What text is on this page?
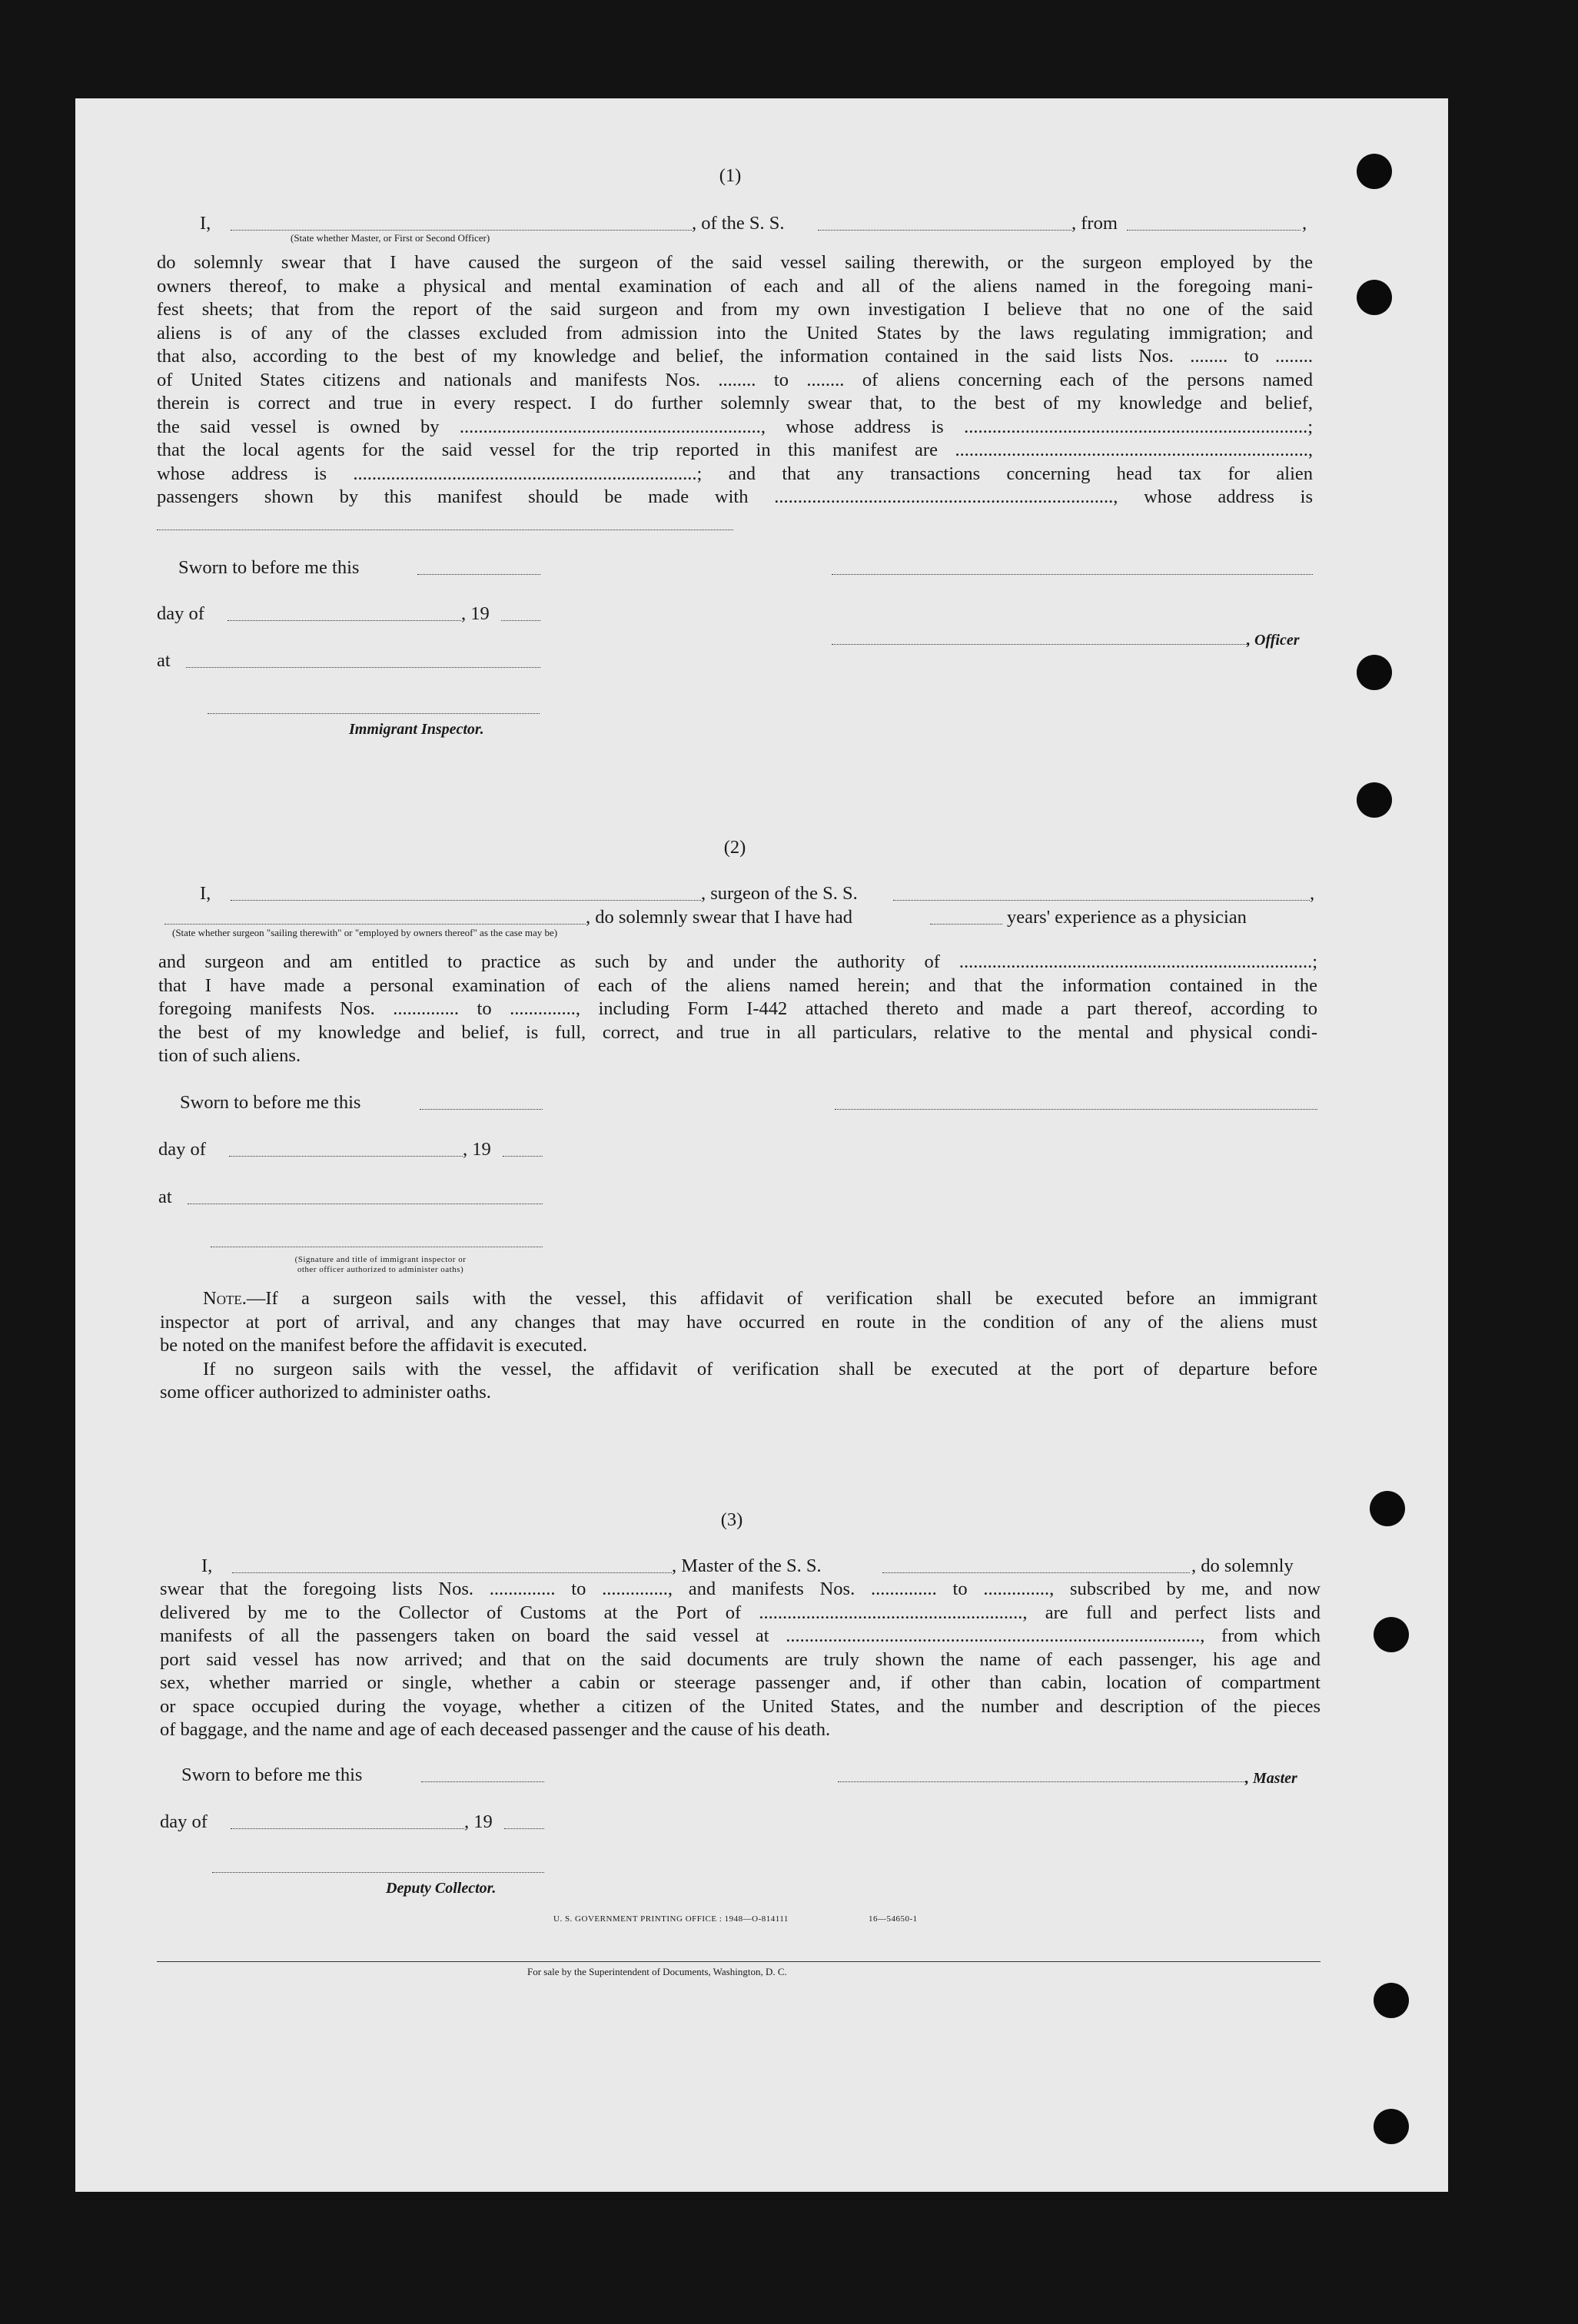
(1)
I,
(State whether Master, or First or Second Officer)
, of the S. S.	, from	,
do solemnly swear that I have caused the surgeon of the said vessel sailing therewith, or the surgeon employed by the
owners thereof, to make a physical and mental examination of each and all of the aliens named in the foregoing mani-
fest sheets; that from the report of the said surgeon and from my own investigation I believe that no one of the said
aliens is of any of the classes excluded from admission into the United States by the laws regulating immigration; and
that also, according to the best of my knowledge and belief, the information contained in the said lists Nos. ........ to ........
of United States citizens and nationals and manifests Nos. ........ to ........ of aliens concerning each of the persons named
therein is correct and true in every respect. I do further solemnly swear that, to the best of my knowledge and belief,
the said vessel is owned by ................................................................, whose address is .........................................................................;
that the local agents for the said vessel for the trip reported in this manifest are ...........................................................................,
whose address is .........................................................................; and that any transactions concerning head tax for alien
passengers shown by this manifest should be made with ........................................................................, whose address is
Sworn to before me this
day of	, 19
, Officer
at
Immigrant Inspector.
(2)
I,	, surgeon of the S. S.	,
, do solemnly swear that I have had	years' experience as a physician
(State whether surgeon "sailing therewith" or "employed by owners thereof" as the case may be)
and surgeon and am entitled to practice as such by and under the authority of ...........................................................................;
that I have made a personal examination of each of the aliens named herein; and that the information contained in the
foregoing manifests Nos. .............. to .............., including Form I-442 attached thereto and made a part thereof, according to
the best of my knowledge and belief, is full, correct, and true in all particulars, relative to the mental and physical condi-
tion of such aliens.
Sworn to before me this
day of	, 19
at
(Signature and title of immigrant inspector or
other officer authorized to administer oaths)
Note.—If a surgeon sails with the vessel, this affidavit of verification shall be executed before an immigrant
inspector at port of arrival, and any changes that may have occurred en route in the condition of any of the aliens must
be noted on the manifest before the affidavit is executed.
If no surgeon sails with the vessel, the affidavit of verification shall be executed at the port of departure before
some officer authorized to administer oaths.
(3)
I,	, Master of the S. S.	, do solemnly
swear that the foregoing lists Nos. .............. to .............., and manifests Nos. .............. to .............., subscribed by me, and now
delivered by me to the Collector of Customs at the Port of ........................................................, are full and perfect lists and
manifests of all the passengers taken on board the said vessel at ........................................................................................, from which
port said vessel has now arrived; and that on the said documents are truly shown the name of each passenger, his age and
sex, whether married or single, whether a cabin or steerage passenger and, if other than cabin, location of compartment
or space occupied during the voyage, whether a citizen of the United States, and the number and description of the pieces
of baggage, and the name and age of each deceased passenger and the cause of his death.
Sworn to before me this	, Master
day of	, 19
Deputy Collector.
U. S. GOVERNMENT PRINTING OFFICE : 1948—O-814111	16—54650-1
For sale by the Superintendent of Documents, Washington, D. C.
